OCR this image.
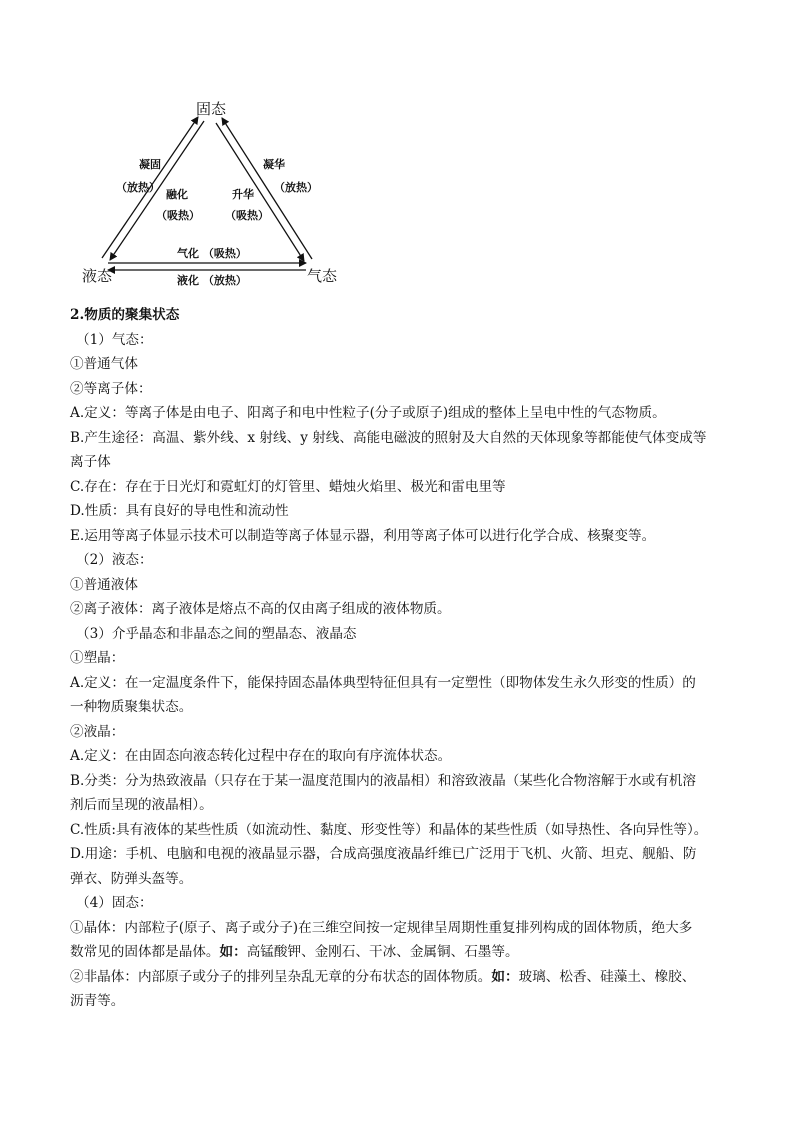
固态
液态	气态
凝固
（放热）
融化
（吸热）
升华
（吸热）
凝华
（放热）
气化 （吸热）
液化 （放热）
2.物质的聚集状态
（1）气态：
①普通气体
②等离子体：
A.定义：等离子体是由电子、阳离子和电中性粒子(分子或原子)组成的整体上呈电中性的气态物质。
B.产生途径：高温、紫外线、x 射线、y 射线、高能电磁波的照射及大自然的天体现象等都能使气体变成等
离子体
C.存在：存在于日光灯和霓虹灯的灯管里、蜡烛火焰里、极光和雷电里等
D.性质：具有良好的导电性和流动性
E.运用等离子体显示技术可以制造等离子体显示器，利用等离子体可以进行化学合成、核聚变等。
（2）液态：
①普通液体
②离子液体：离子液体是熔点不高的仅由离子组成的液体物质。
（3）介乎晶态和非晶态之间的塑晶态、液晶态
①塑晶：
A.定义：在一定温度条件下，能保持固态晶体典型特征但具有一定塑性（即物体发生永久形变的性质）的
一种物质聚集状态。
②液晶：
A.定义：在由固态向液态转化过程中存在的取向有序流体状态。
B.分类：分为热致液晶（只存在于某一温度范围内的液晶相）和溶致液晶（某些化合物溶解于水或有机溶
剂后而呈现的液晶相）。
C.性质:具有液体的某些性质（如流动性、黏度、形变性等）和晶体的某些性质（如导热性、各向异性等）。
D.用途：手机、电脑和电视的液晶显示器，合成高强度液晶纤维已广泛用于飞机、火箭、坦克、舰船、防
弹衣、防弹头盔等。
（4）固态：
①晶体：内部粒子(原子、离子或分子)在三维空间按一定规律呈周期性重复排列构成的固体物质，绝大多
数常见的固体都是晶体。如：高锰酸钾、金刚石、干冰、金属铜、石墨等。
②非晶体：内部原子或分子的排列呈杂乱无章的分布状态的固体物质。如：玻璃、松香、硅藻土、橡胶、
沥青等。
